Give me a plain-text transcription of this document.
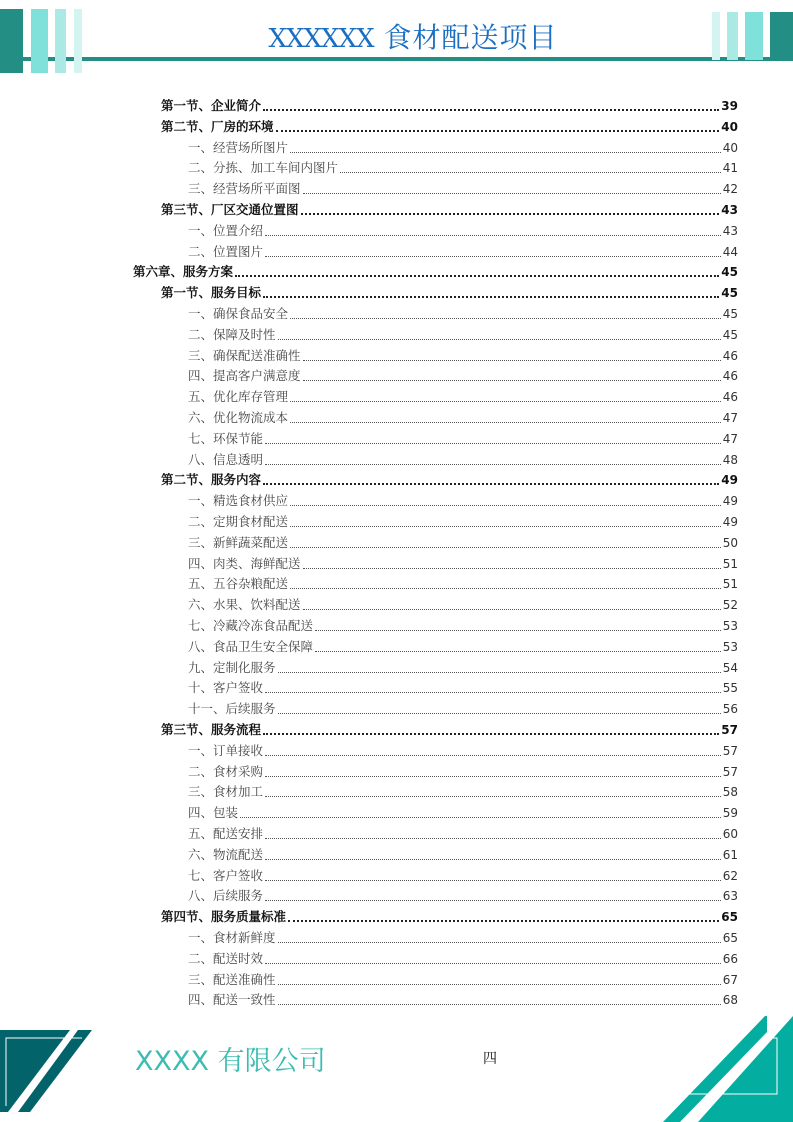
XXXXXX 食材配送项目
第一节、企业简介	39
第二节、厂房的环境	40
一、经营场所图片	40
二、分拣、加工车间内图片	41
三、经营场所平面图	42
第三节、厂区交通位置图	43
一、位置介绍	43
二、位置图片	44
第六章、服务方案	45
第一节、服务目标	45
一、确保食品安全	45
二、保障及时性	45
三、确保配送准确性	46
四、提高客户满意度	46
五、优化库存管理	46
六、优化物流成本	47
七、环保节能	47
八、信息透明	48
第二节、服务内容	49
一、精选食材供应	49
二、定期食材配送	49
三、新鲜蔬菜配送	50
四、肉类、海鲜配送	51
五、五谷杂粮配送	51
六、水果、饮料配送	52
七、冷藏冷冻食品配送	53
八、食品卫生安全保障	53
九、定制化服务	54
十、客户签收	55
十一、后续服务	56
第三节、服务流程	57
一、订单接收	57
二、食材采购	57
三、食材加工	58
四、包装	59
五、配送安排	60
六、物流配送	61
七、客户签收	62
八、后续服务	63
第四节、服务质量标准	65
一、食材新鲜度	65
二、配送时效	66
三、配送准确性	67
四、配送一致性	68
XXXX 有限公司	四
